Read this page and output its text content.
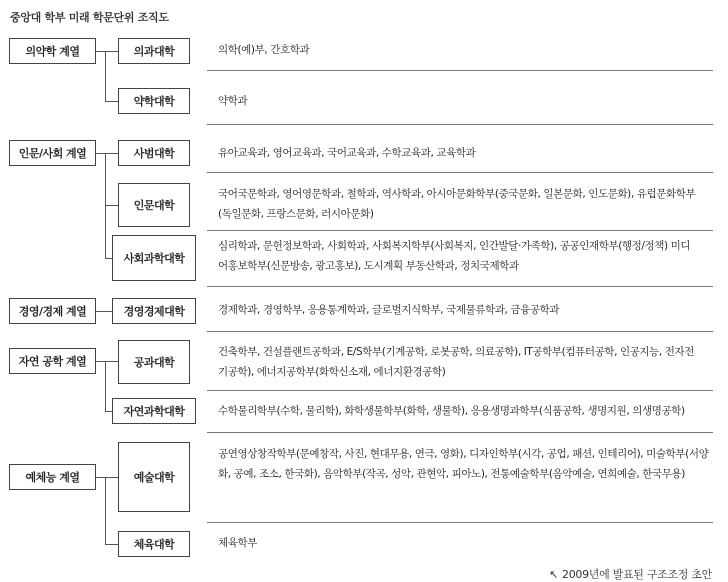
중앙대 학부 미래 학문단위 조직도
의약학 계열
인문/사회 계열
경영/경제 계열
자연 공학 계열
예체능 계열
의과대학
약학대학
사범대학
인문대학
사회과학대학
경영경제대학
공과대학
자연과학대학
예술대학
체육대학
의학(예)부, 간호학과
약학과
유아교육과, 영어교육과, 국어교육과, 수학교육과, 교육학과
국어국문학과, 영어영문학과, 철학과, 역사학과, 아시아문화학부(중국문화, 일본문화, 인도문화), 유럽문화학부(독일문화, 프랑스문화, 러시아문화)
심리학과, 문헌정보학과, 사회학과, 사회복지학부(사회복지, 인간발달·가족학), 공공인재학부(행정/정책) 미디어홍보학부(신문방송, 광고홍보), 도시계획 부동산학과, 정치국제학과
경제학과, 경영학부, 응용통계학과, 글로벌지식학부, 국제물류학과, 금융공학과
건축학부, 건설플랜트공학과, E/S학부(기계공학, 로봇공학, 의료공학), IT공학부(컴퓨터공학, 인공지능, 전자전기공학), 에너지공학부(화학신소재, 에너지환경공학)
수학물리학부(수학, 물리학), 화학생물학부(화학, 생물학), 응용생명과학부(식품공학, 생명지원, 의생명공학)
공연영상창작학부(문예창작, 사진, 현대무용, 연극, 영화), 디자인학부(시각, 공업, 패션, 인테리어), 미술학부(서양화, 공예, 조소, 한국화), 음악학부(작곡, 성악, 관현악, 피아노), 전통예술학부(음악예술, 연희예술, 한국무용)
체육학부
↖ 2009년에 발표된 구조조정 초안
